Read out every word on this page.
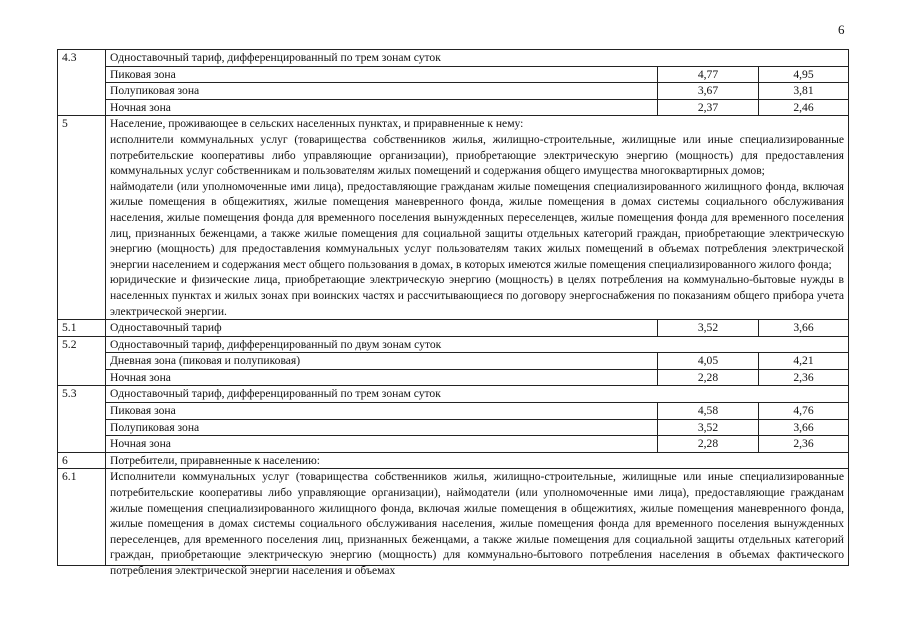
6
4.3	Одноставочный тариф, дифференцированный по трем зонам суток		
	Пиковая зона	4,77	4,95
	Полупиковая зона	3,67	3,81
	Ночная зона	2,37	2,46
5	Население, проживающее в сельских населенных пунктах, и приравненные к нему:
исполнители коммунальных услуг (товарищества собственников жилья, жилищно-строительные, жилищные или иные специализированные потребительские кооперативы либо управляющие организации), приобретающие электрическую энергию (мощность) для предоставления коммунальных услуг собственникам и пользователям жилых помещений и содержания общего имущества многоквартирных домов;
наймодатели (или уполномоченные ими лица), предоставляющие гражданам жилые помещения специализированного жилищного фонда, включая жилые помещения в общежитиях, жилые помещения маневренного фонда, жилые помещения в домах системы социального обслуживания населения, жилые помещения фонда для временного поселения вынужденных переселенцев, жилые помещения фонда для временного поселения лиц, признанных беженцами, а также жилые помещения для социальной защиты отдельных категорий граждан, приобретающие электрическую энергию (мощность) для предоставления коммунальных услуг пользователям таких жилых помещений в объемах потребления электрической энергии населением и содержания мест общего пользования в домах, в которых имеются жилые помещения специализированного жилого фонда;
юридические и физические лица, приобретающие электрическую энергию (мощность) в целях потребления на коммунально-бытовые нужды в населенных пунктах и жилых зонах при воинских частях и рассчитывающиеся по договору энергоснабжения по показаниям общего прибора учета электрической энергии.		

5.1	Одноставочный тариф	3,52	3,66
5.2	Одноставочный тариф, дифференцированный по двум зонам суток		
	Дневная зона (пиковая и полупиковая)	4,05	4,21
	Ночная зона	2,28	2,36
5.3	Одноставочный тариф, дифференцированный по трем зонам суток		
	Пиковая зона	4,58	4,76
	Полупиковая зона	3,52	3,66
	Ночная зона	2,28	2,36
6	Потребители, приравненные к населению:		
6.1	Исполнители коммунальных услуг (товарищества собственников жилья, жилищно-строительные, жилищные или иные специализированные потребительские кооперативы либо управляющие организации), наймодатели (или уполномоченные ими лица), предоставляющие гражданам жилые помещения специализированного жилищного фонда, включая жилые помещения в общежитиях, жилые помещения маневренного фонда, жилые помещения в домах системы социального обслуживания населения, жилые помещения фонда для временного поселения вынужденных переселенцев, для временного поселения лиц, признанных беженцами, а также жилые помещения для социальной защиты отдельных категорий граждан, приобретающие электрическую энергию (мощность) для коммунально-бытового потребления населения в объемах фактического потребления электрической энергии населения и объемах		
